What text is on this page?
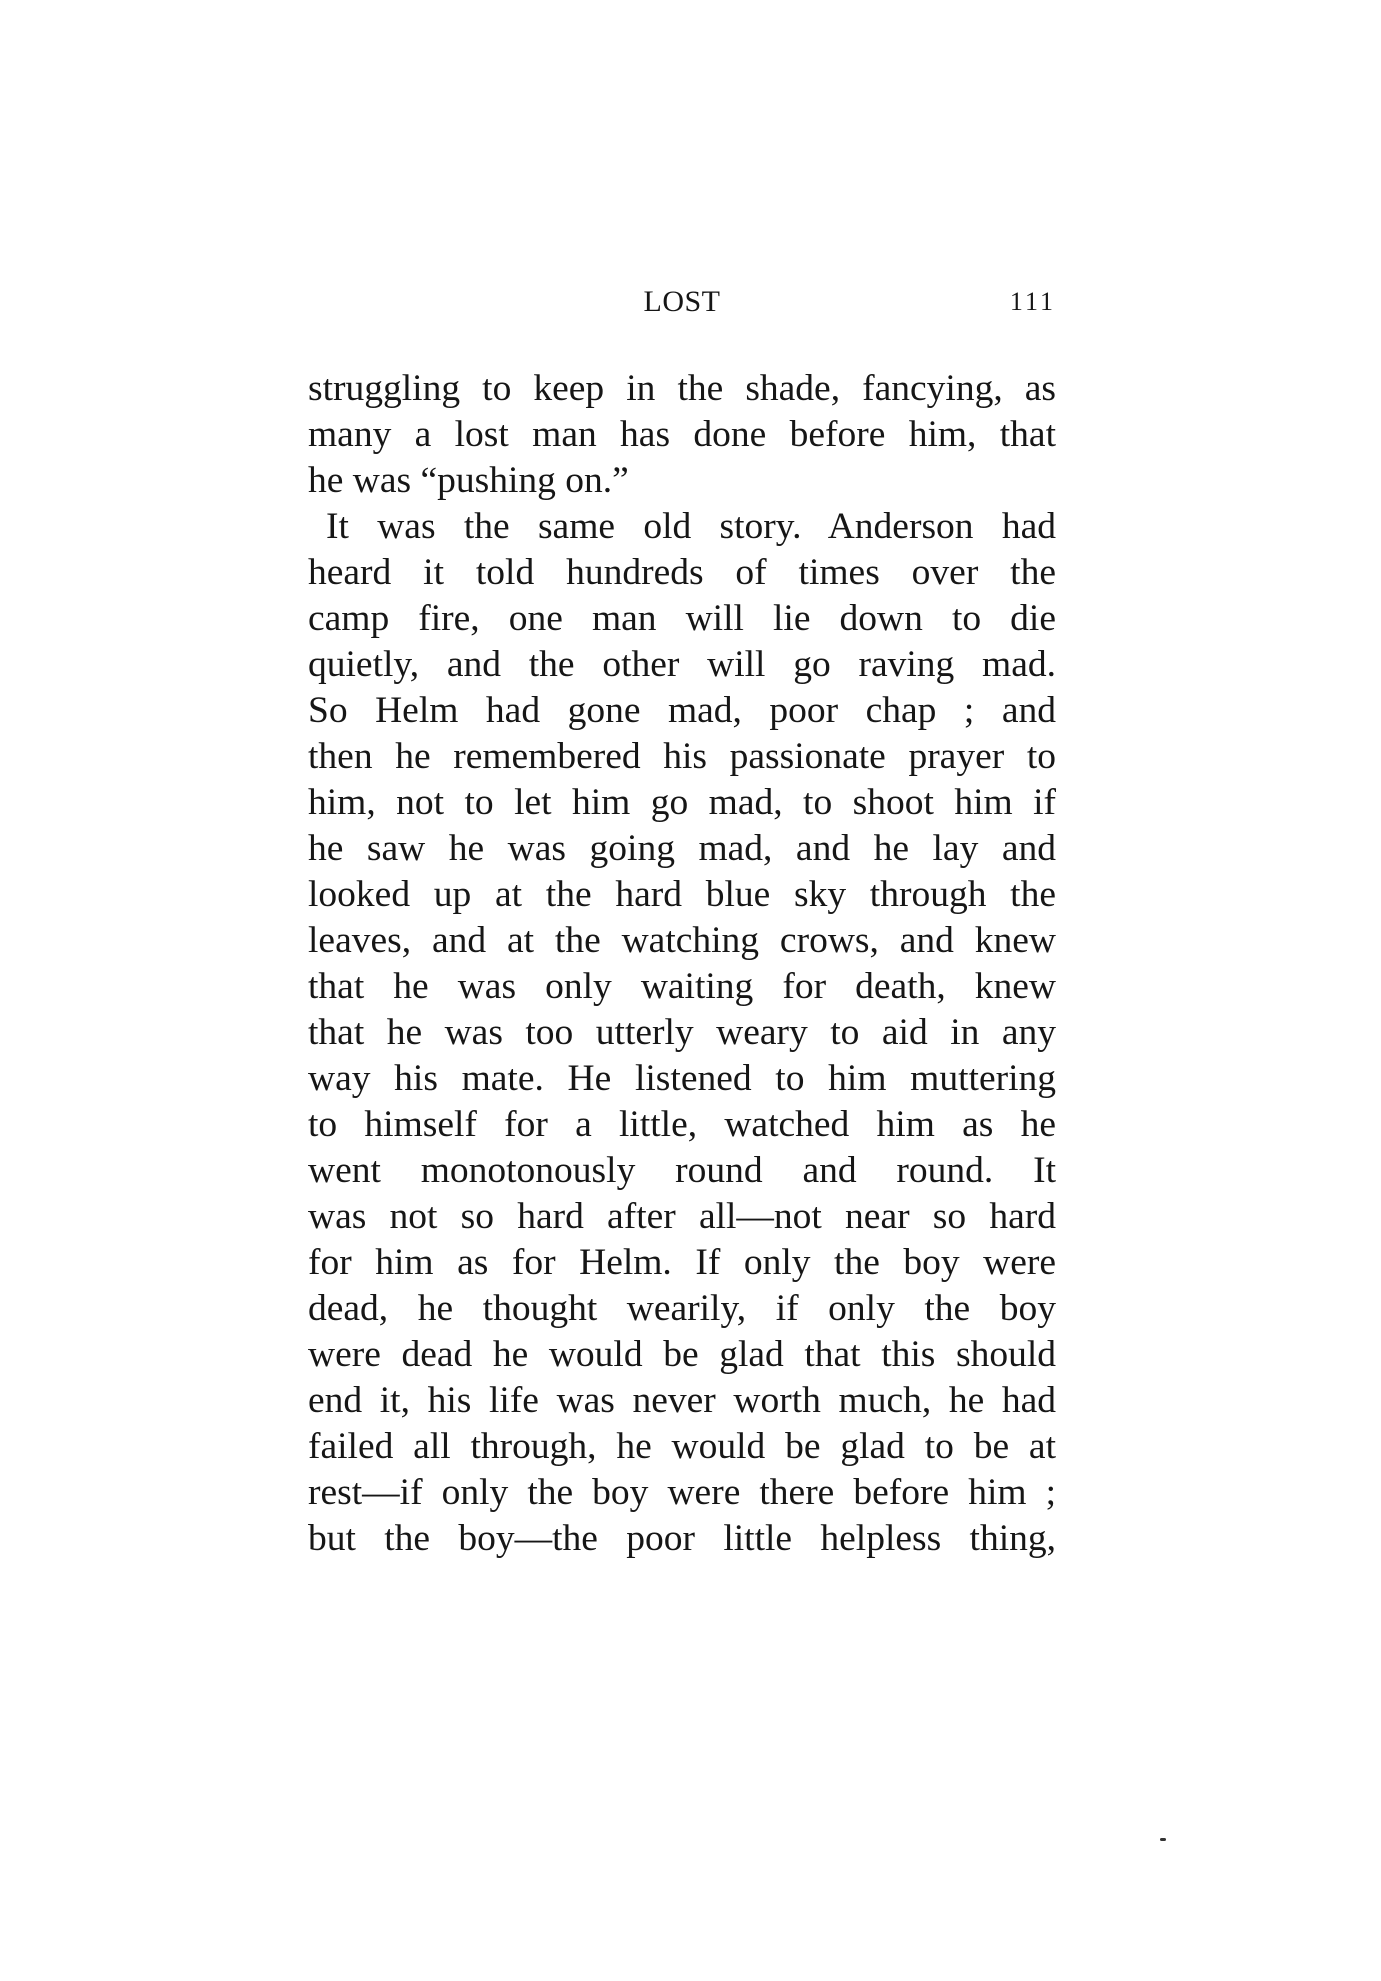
LOST	111
struggling to keep in the shade, fancying, as
many a lost man has done before him, that
he was “pushing on.”
It was the same old story. Anderson had
heard it told hundreds of times over the
camp fire, one man will lie down to die
quietly, and the other will go raving mad.
So Helm had gone mad, poor chap ; and
then he remembered his passionate prayer to
him, not to let him go mad, to shoot him if
he saw he was going mad, and he lay and
looked up at the hard blue sky through the
leaves, and at the watching crows, and knew
that he was only waiting for death, knew
that he was too utterly weary to aid in any
way his mate. He listened to him muttering
to himself for a little, watched him as he
went monotonously round and round. It
was not so hard after all—not near so hard
for him as for Helm. If only the boy were
dead, he thought wearily, if only the boy
were dead he would be glad that this should
end it, his life was never worth much, he had
failed all through, he would be glad to be at
rest—if only the boy were there before him ;
but the boy—the poor little helpless thing,
